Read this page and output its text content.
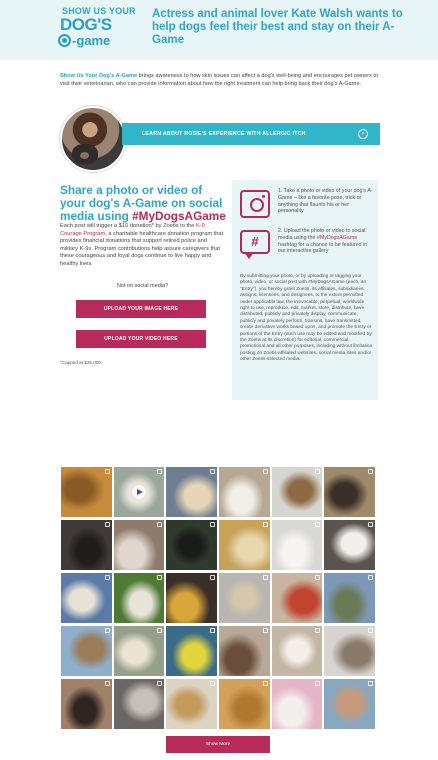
SHOW US YOUR
DOG'S
-game
Actress and animal lover Kate Walsh wants to help dogs feel their best and stay on their A-Game
Show Us Your Dog's A-Game brings awareness to how skin issues can affect a dog's well-being and encourages pet owners to visit their veterinarian, who can provide information about how the right treatment can help bring back their dog's A-Game.
LEARN ABOUT ROSIE'S EXPERIENCE WITH ALLERGIC ITCH	›
Share a photo or video of your dog's A-Game on social media using #MyDogsAGame
Each post will trigger a $10 donation* by Zoetis to the K-9 Courage Program, a charitable healthcare donation program that provides financial donations that support retired police and military K-9s. Program contributions help assure caregivers that these courageous and loyal dogs continue to live happy and healthy lives.
Not on social media?
UPLOAD YOUR IMAGE HERE
UPLOAD YOUR VIDEO HERE
*Capped at $25,000.
1. Take a photo or video of your dog's A-Game – like a favorite pose, trick or anything that flaunts his or her personality
#
2. Upload the photo or video to social media using the #MyDogsAGame hashtag for a chance to be featured in our interactive gallery
By submitting your photo, or by uploading or tagging your photo, video, or social post with #MyDogsAGame (each, an "Entry"), you hereby grant Zoetis, its affiliates, subsidiaries, assigns, licensees, and designees, to the extent permitted under applicable law, the irrevocable, perpetual, worldwide right to use, reproduce, edit, market, store, distribute, have distributed, publicly and privately display, communicate, publicly and privately perform, transmit, have transmitted, create derivative works based upon, and promote the Entry or portions of the Entry (such use may be edited and modified by the Zoetis at its discretion) for editorial, commercial, promotional and all other purposes, including without limitation posting on Zoetis-affiliated websites, social media sites and/or other Zoetis-selected media.
Show More
